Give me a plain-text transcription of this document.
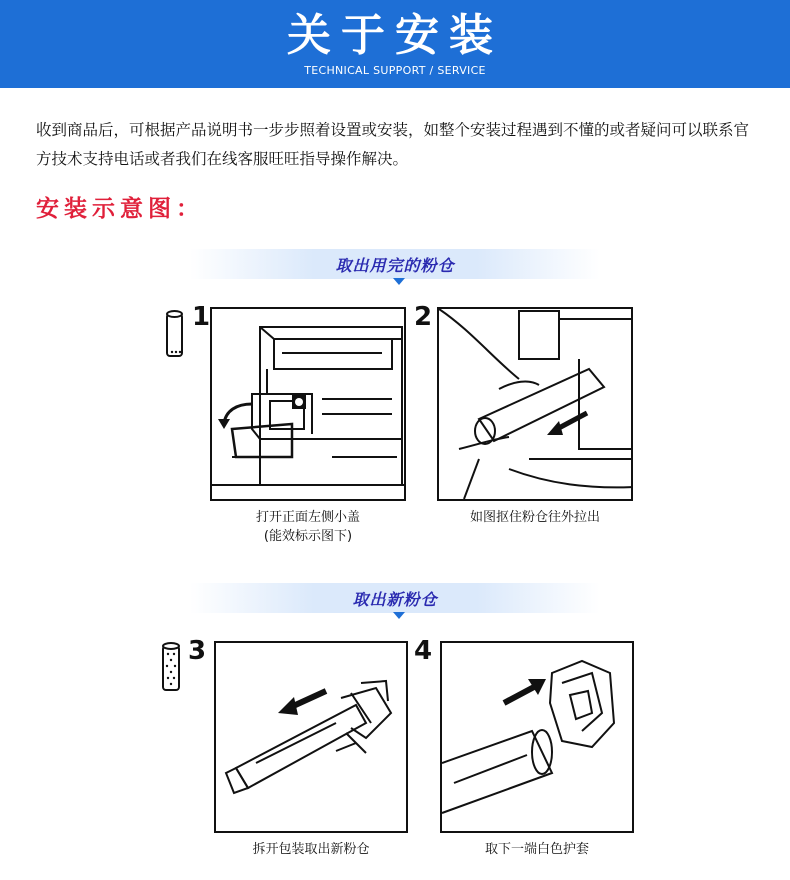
关于安装
TECHNICAL SUPPORT / SERVICE
收到商品后，可根据产品说明书一步步照着设置或安装，如整个安装过程遇到不懂的或者疑问可以联系官方技术支持电话或者我们在线客服旺旺指导操作解决。
安装示意图：
取出用完的粉仓
1
打开正面左侧小盖
(能效标示图下)
2
如图抠住粉仓往外拉出
取出新粉仓
3
拆开包装取出新粉仓
4
取下一端白色护套
